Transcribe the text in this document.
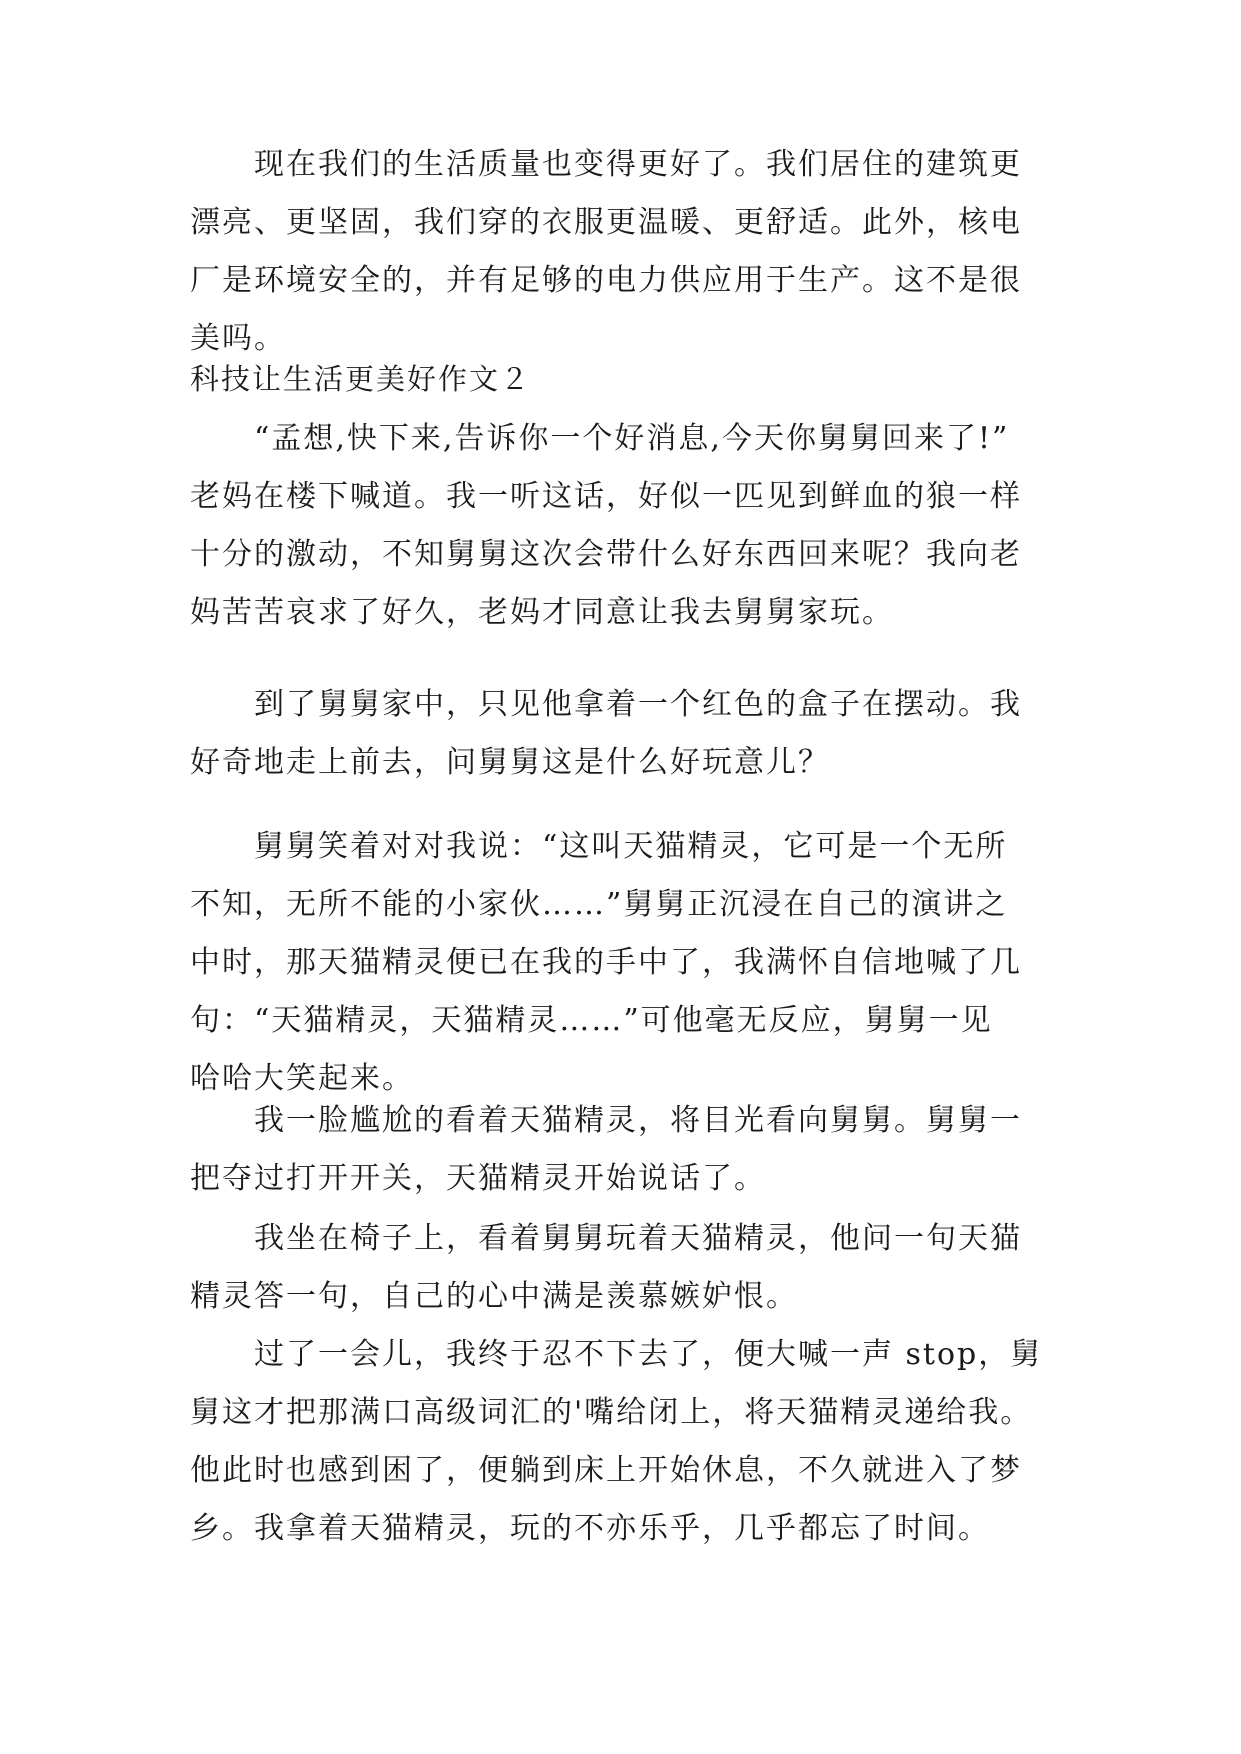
现在我们的生活质量也变得更好了。我们居住的建筑更
漂亮、更坚固，我们穿的衣服更温暖、更舒适。此外，核电
厂是环境安全的，并有足够的电力供应用于生产。这不是很
美吗。
科技让生活更美好作文２
“孟想,快下来,告诉你一个好消息,今天你舅舅回来了!”
老妈在楼下喊道。我一听这话，好似一匹见到鲜血的狼一样
十分的激动，不知舅舅这次会带什么好东西回来呢？我向老
妈苦苦哀求了好久，老妈才同意让我去舅舅家玩。
到了舅舅家中，只见他拿着一个红色的盒子在摆动。我
好奇地走上前去，问舅舅这是什么好玩意儿？
舅舅笑着对对我说：“这叫天猫精灵，它可是一个无所
不知，无所不能的小家伙……”舅舅正沉浸在自己的演讲之
中时，那天猫精灵便已在我的手中了，我满怀自信地喊了几
句：“天猫精灵，天猫精灵……”可他毫无反应，舅舅一见
哈哈大笑起来。
我一脸尴尬的看着天猫精灵，将目光看向舅舅。舅舅一
把夺过打开开关，天猫精灵开始说话了。
我坐在椅子上，看着舅舅玩着天猫精灵，他问一句天猫
精灵答一句，自己的心中满是羡慕嫉妒恨。
过了一会儿，我终于忍不下去了，便大喊一声 stop，舅
舅这才把那满口高级词汇的'嘴给闭上，将天猫精灵递给我。
他此时也感到困了，便躺到床上开始休息，不久就进入了梦
乡。我拿着天猫精灵，玩的不亦乐乎，几乎都忘了时间。
